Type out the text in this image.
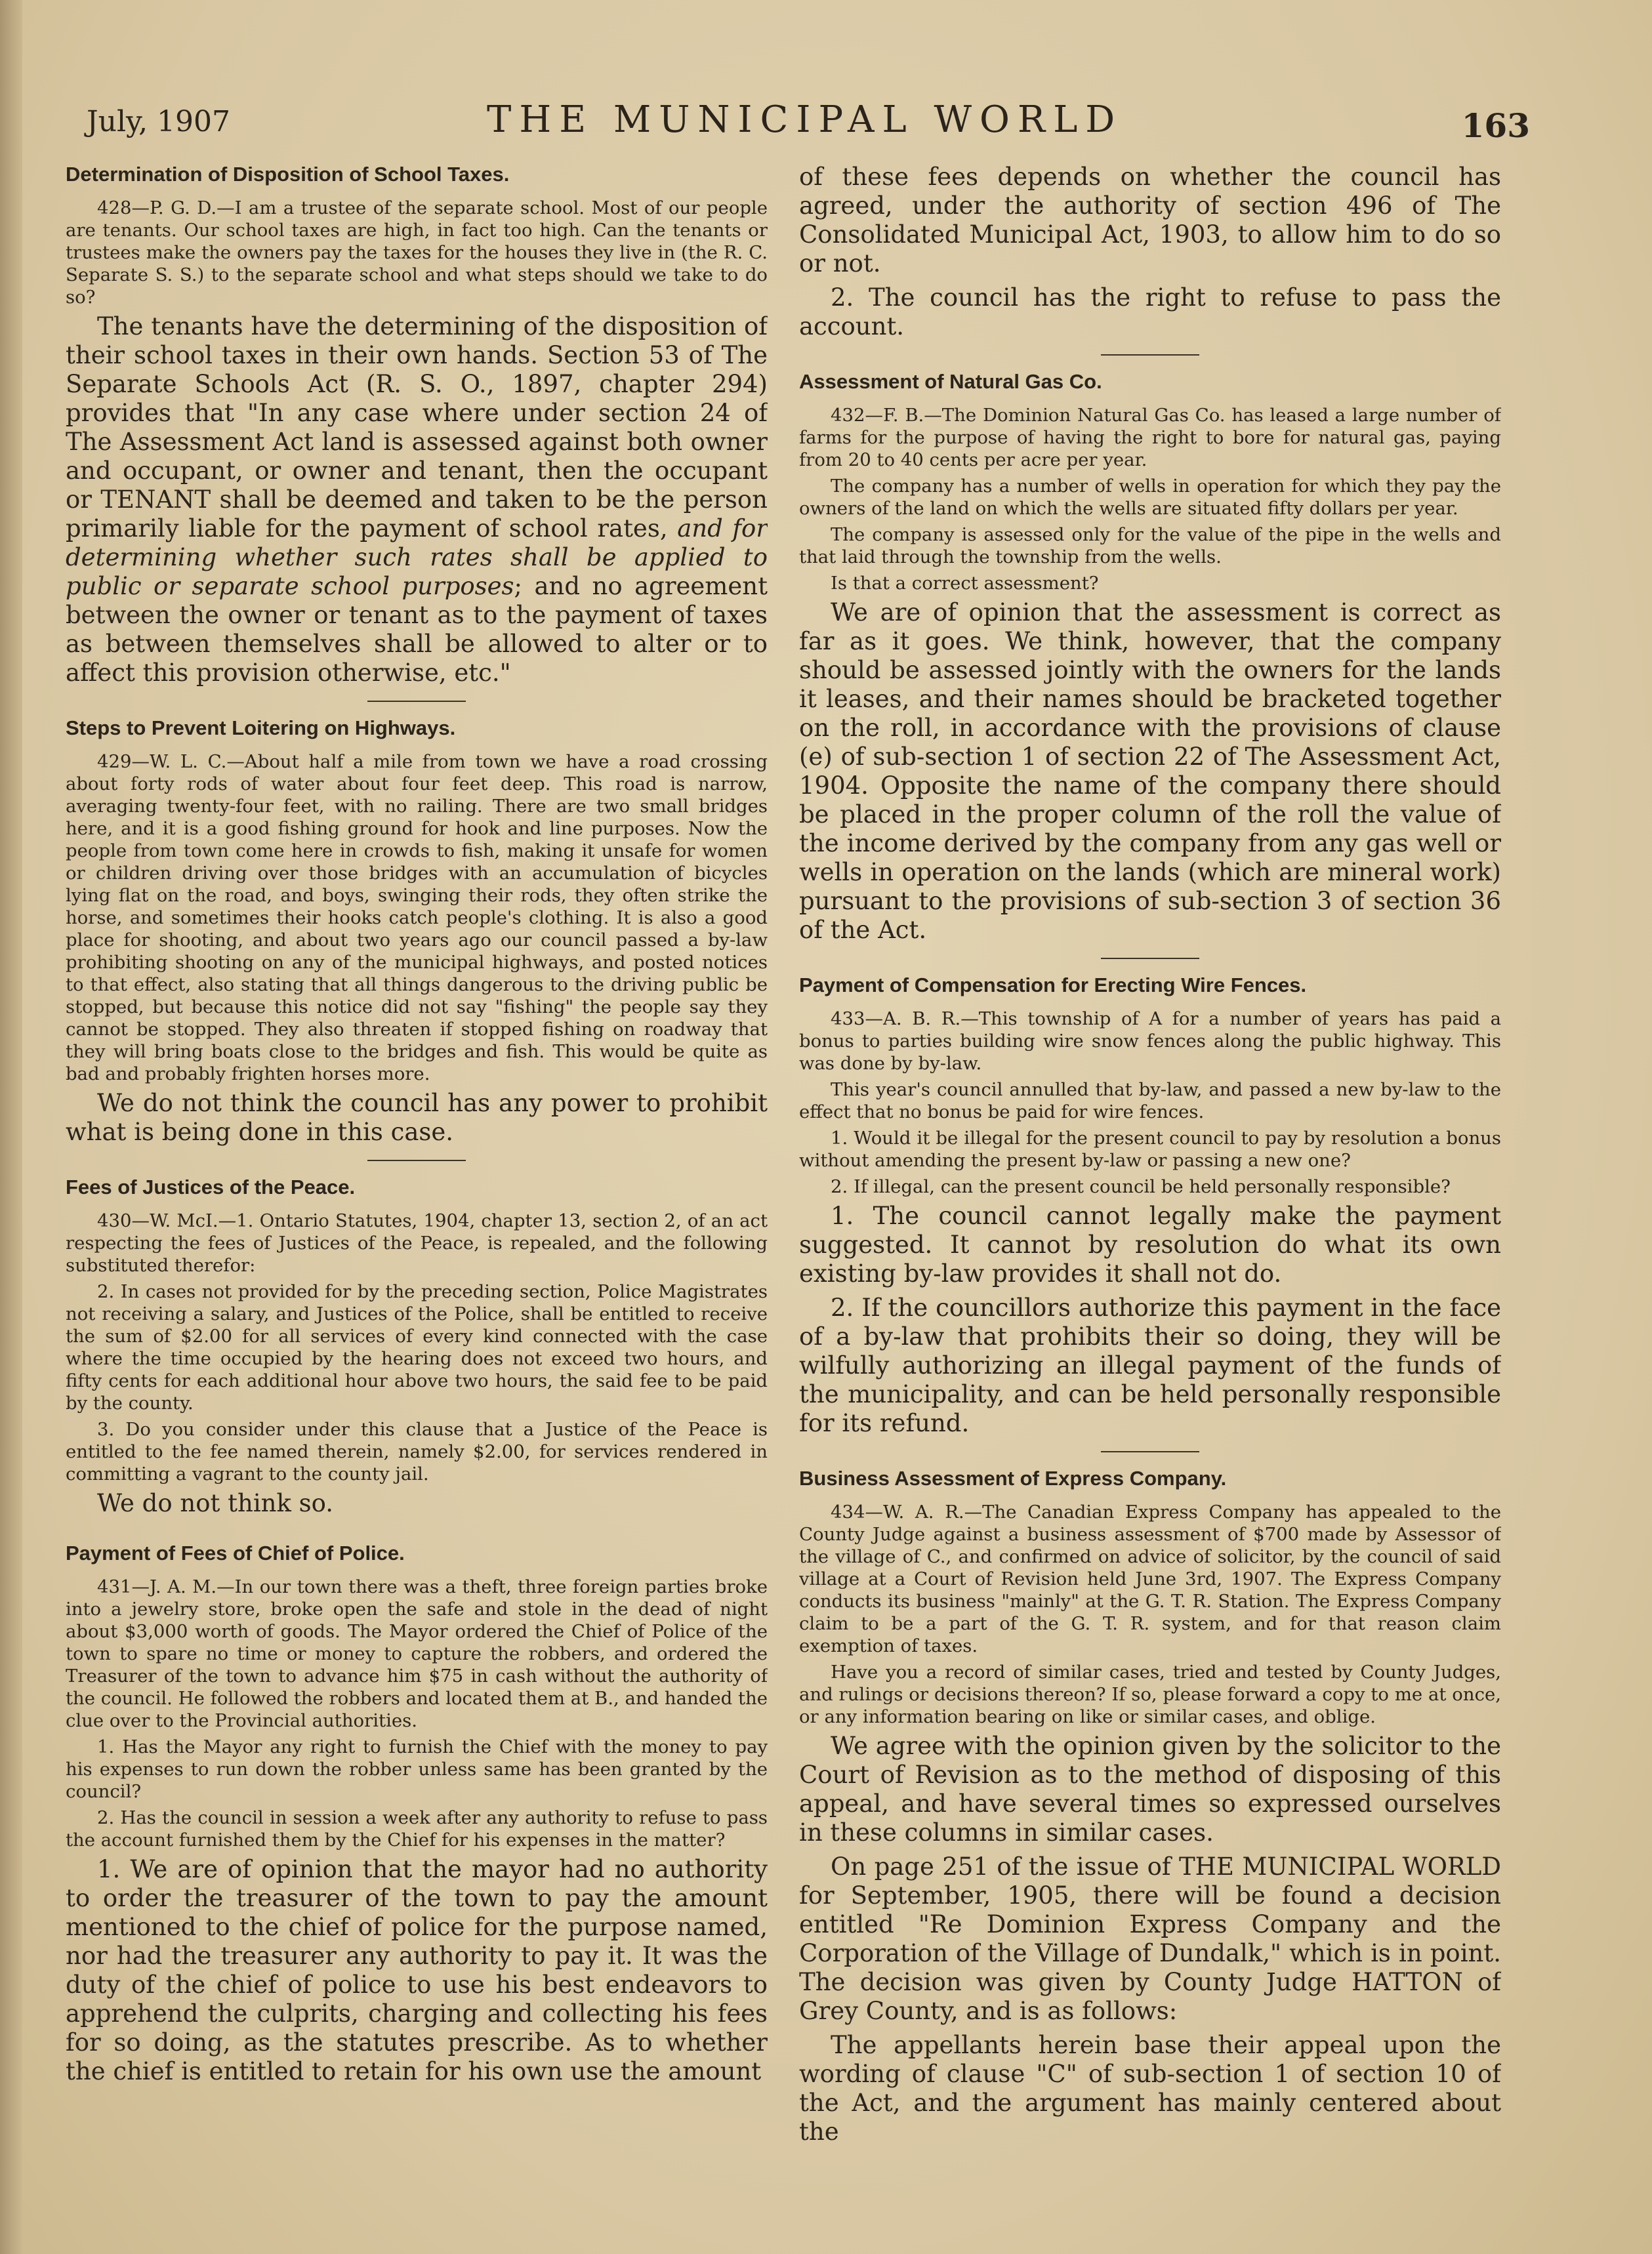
July, 1907	THE MUNICIPAL WORLD	163

Determination of Disposition of School Taxes.

428—P. G. D.—I am a trustee of the separate school. Most of our people are tenants. Our school taxes are high, in fact too high. Can the tenants or trustees make the owners pay the taxes for the houses they live in (the R. C. Separate S. S.) to the separate school and what steps should we take to do so?

The tenants have the determining of the disposition of their school taxes in their own hands. Section 53 of The Separate Schools Act (R. S. O., 1897, chapter 294) provides that "In any case where under section 24 of The Assessment Act land is assessed against both owner and occupant, or owner and tenant, then the occupant or TENANT shall be deemed and taken to be the person primarily liable for the payment of school rates, and for determining whether such rates shall be applied to public or separate school purposes; and no agreement between the owner or tenant as to the payment of taxes as between themselves shall be allowed to alter or to affect this provision otherwise, etc."

Steps to Prevent Loitering on Highways.

429—W. L. C.—About half a mile from town we have a road crossing about forty rods of water about four feet deep. This road is narrow, averaging twenty-four feet, with no railing. There are two small bridges here, and it is a good fishing ground for hook and line purposes. Now the people from town come here in crowds to fish, making it unsafe for women or children driving over those bridges with an accumulation of bicycles lying flat on the road, and boys, swinging their rods, they often strike the horse, and sometimes their hooks catch people's clothing. It is also a good place for shooting, and about two years ago our council passed a by-law prohibiting shooting on any of the municipal highways, and posted notices to that effect, also stating that all things dangerous to the driving public be stopped, but because this notice did not say "fishing" the people say they cannot be stopped. They also threaten if stopped fishing on roadway that they will bring boats close to the bridges and fish. This would be quite as bad and probably frighten horses more.

We do not think the council has any power to prohibit what is being done in this case.

Fees of Justices of the Peace.

430—W. McI.—1. Ontario Statutes, 1904, chapter 13, section 2, of an act respecting the fees of Justices of the Peace, is repealed, and the following substituted therefor:

2. In cases not provided for by the preceding section, Police Magistrates not receiving a salary, and Justices of the Police, shall be entitled to receive the sum of $2.00 for all services of every kind connected with the case where the time occupied by the hearing does not exceed two hours, and fifty cents for each additional hour above two hours, the said fee to be paid by the county.

3. Do you consider under this clause that a Justice of the Peace is entitled to the fee named therein, namely $2.00, for services rendered in committing a vagrant to the county jail.

We do not think so.

Payment of Fees of Chief of Police.

431—J. A. M.—In our town there was a theft, three foreign parties broke into a jewelry store, broke open the safe and stole in the dead of night about $3,000 worth of goods. The Mayor ordered the Chief of Police of the town to spare no time or money to capture the robbers, and ordered the Treasurer of the town to advance him $75 in cash without the authority of the council. He followed the robbers and located them at B., and handed the clue over to the Provincial authorities.

1. Has the Mayor any right to furnish the Chief with the money to pay his expenses to run down the robber unless same has been granted by the council?

2. Has the council in session a week after any authority to refuse to pass the account furnished them by the Chief for his expenses in the matter?

1. We are of opinion that the mayor had no authority to order the treasurer of the town to pay the amount mentioned to the chief of police for the purpose named, nor had the treasurer any authority to pay it. It was the duty of the chief of police to use his best endeavors to apprehend the culprits, charging and collecting his fees for so doing, as the statutes prescribe. As to whether the chief is entitled to retain for his own use the amount

of these fees depends on whether the council has agreed, under the authority of section 496 of The Consolidated Municipal Act, 1903, to allow him to do so or not.

2. The council has the right to refuse to pass the account.

Assessment of Natural Gas Co.

432—F. B.—The Dominion Natural Gas Co. has leased a large number of farms for the purpose of having the right to bore for natural gas, paying from 20 to 40 cents per acre per year.

The company has a number of wells in operation for which they pay the owners of the land on which the wells are situated fifty dollars per year.

The company is assessed only for the value of the pipe in the wells and that laid through the township from the wells.

Is that a correct assessment?

We are of opinion that the assessment is correct as far as it goes. We think, however, that the company should be assessed jointly with the owners for the lands it leases, and their names should be bracketed together on the roll, in accordance with the provisions of clause (e) of sub-section 1 of section 22 of The Assessment Act, 1904. Opposite the name of the company there should be placed in the proper column of the roll the value of the income derived by the company from any gas well or wells in operation on the lands (which are mineral work) pursuant to the provisions of sub-section 3 of section 36 of the Act.

Payment of Compensation for Erecting Wire Fences.

433—A. B. R.—This township of A for a number of years has paid a bonus to parties building wire snow fences along the public highway. This was done by by-law.

This year's council annulled that by-law, and passed a new by-law to the effect that no bonus be paid for wire fences.

1. Would it be illegal for the present council to pay by resolution a bonus without amending the present by-law or passing a new one?

2. If illegal, can the present council be held personally responsible?

1. The council cannot legally make the payment suggested. It cannot by resolution do what its own existing by-law provides it shall not do.

2. If the councillors authorize this payment in the face of a by-law that prohibits their so doing, they will be wilfully authorizing an illegal payment of the funds of the municipality, and can be held personally responsible for its refund.

Business Assessment of Express Company.

434—W. A. R.—The Canadian Express Company has appealed to the County Judge against a business assessment of $700 made by Assessor of the village of C., and confirmed on advice of solicitor, by the council of said village at a Court of Revision held June 3rd, 1907. The Express Company conducts its business "mainly" at the G. T. R. Station. The Express Company claim to be a part of the G. T. R. system, and for that reason claim exemption of taxes.

Have you a record of similar cases, tried and tested by County Judges, and rulings or decisions thereon? If so, please forward a copy to me at once, or any information bearing on like or similar cases, and oblige.

We agree with the opinion given by the solicitor to the Court of Revision as to the method of disposing of this appeal, and have several times so expressed ourselves in these columns in similar cases.

On page 251 of the issue of THE MUNICIPAL WORLD for September, 1905, there will be found a decision entitled "Re Dominion Express Company and the Corporation of the Village of Dundalk," which is in point. The decision was given by County Judge HATTON of Grey County, and is as follows:

The appellants herein base their appeal upon the wording of clause "C" of sub-section 1 of section 10 of the Act, and the argument has mainly centered about the
